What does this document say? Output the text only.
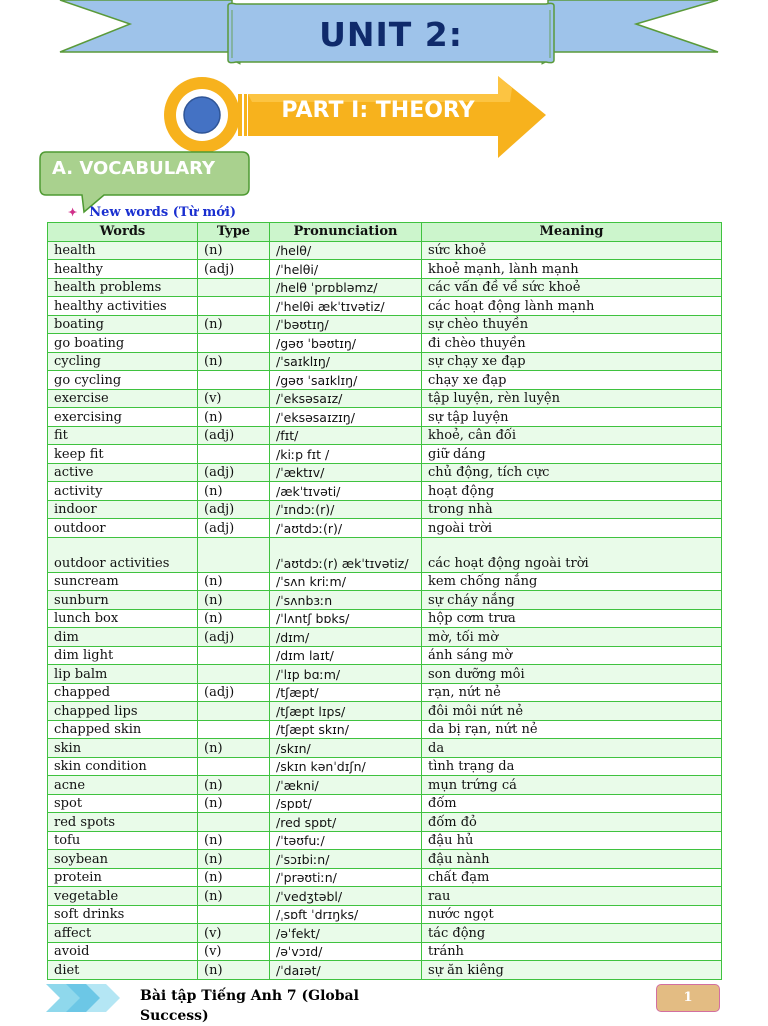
UNIT 2:
PART I: THEORY
A. VOCABULARY
✦ New words (Từ mới)
Words	Type	Pronunciation	Meaning
health	(n)	/helθ/	sức khoẻ
healthy	(adj)	/ˈhelθi/	khoẻ mạnh, lành mạnh
health problems		/helθ ˈprɒbləmz/	các vấn đề về sức khoẻ
healthy activities		/ˈhelθi ækˈtɪvətiz/	các hoạt động lành mạnh
boating	(n)	/ˈbəʊtɪŋ/	sự chèo thuyền
go boating		/gəʊ ˈbəʊtɪŋ/	đi chèo thuyền
cycling	(n)	/ˈsaɪklɪŋ/	sự chạy xe đạp
go cycling		/gəʊ ˈsaɪklɪŋ/	chạy xe đạp
exercise	(v)	/ˈeksəsaɪz/	tập luyện, rèn luyện
exercising	(n)	/ˈeksəsaɪzɪŋ/	sự tập luyện
fit	(adj)	/fɪt/	khoẻ, cân đối
keep fit		/kiːp fɪt /	giữ dáng
active	(adj)	/ˈæktɪv/	chủ động, tích cực
activity	(n)	/ækˈtɪvəti/	hoạt động
indoor	(adj)	/ˈɪndɔː(r)/	trong nhà
outdoor	(adj)	/ˈaʊtdɔː(r)/	ngoài trời
outdoor activities		/ˈaʊtdɔː(r) ækˈtɪvətiz/	các hoạt động ngoài trời
suncream	(n)	/ˈsʌn kriːm/	kem chống nắng
sunburn	(n)	/ˈsʌnbɜːn	sự cháy nắng
lunch box	(n)	/ˈlʌntʃ bɒks/	hộp cơm trưa
dim	(adj)	/dɪm/	mờ, tối mờ
dim light		/dɪm laɪt/	ánh sáng mờ
lip balm		/ˈlɪp bɑːm/	son dưỡng môi
chapped	(adj)	/tʃæpt/	rạn, nứt nẻ
chapped lips		/tʃæpt lɪps/	đôi môi nứt nẻ
chapped skin		/tʃæpt skɪn/	da bị rạn, nứt nẻ
skin	(n)	/skɪn/	da
skin condition		/skɪn kənˈdɪʃn/	tình trạng da
acne	(n)	/ˈækni/	mụn trứng cá
spot	(n)	/spɒt/	đốm
red spots		/red spɒt/	đốm đỏ
tofu	(n)	/ˈtəʊfuː/	đậu hủ
soybean	(n)	/ˈsɔɪbiːn/	đậu nành
protein	(n)	/ˈprəʊtiːn/	chất đạm
vegetable	(n)	/ˈvedʒtəbl/	rau
soft drinks		/ˌsɒft ˈdrɪŋks/	nước ngọt
affect	(v)	/əˈfekt/	tác động
avoid	(v)	/əˈvɔɪd/	tránh
diet	(n)	/ˈdaɪət/	sự ăn kiêng
Bài tập Tiếng Anh 7 (Global Success)
1
